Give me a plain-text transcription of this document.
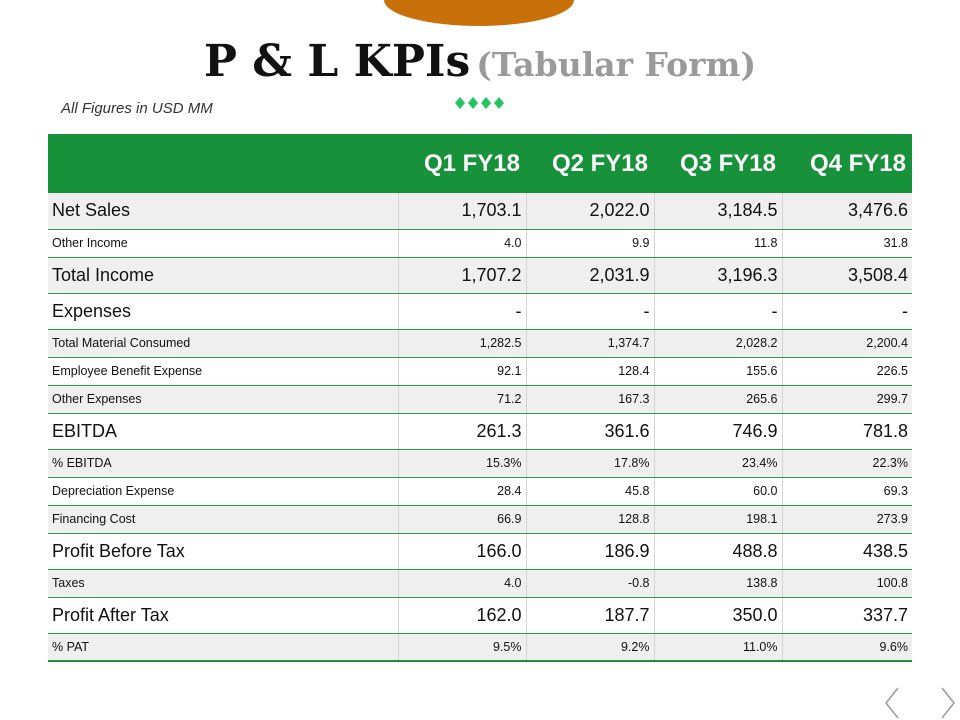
P & L KPIs (Tabular Form)
All Figures in USD MM
	Q1 FY18	Q2 FY18	Q3 FY18	Q4 FY18
Net Sales	1,703.1	2,022.0	3,184.5	3,476.6
Other Income	4.0	9.9	11.8	31.8
Total Income	1,707.2	2,031.9	3,196.3	3,508.4
Expenses	-	-	-	-
Total Material Consumed	1,282.5	1,374.7	2,028.2	2,200.4
Employee Benefit Expense	92.1	128.4	155.6	226.5
Other Expenses	71.2	167.3	265.6	299.7
EBITDA	261.3	361.6	746.9	781.8
% EBITDA	15.3%	17.8%	23.4%	22.3%
Depreciation Expense	28.4	45.8	60.0	69.3
Financing Cost	66.9	128.8	198.1	273.9
Profit Before Tax	166.0	186.9	488.8	438.5
Taxes	4.0	-0.8	138.8	100.8
Profit After Tax	162.0	187.7	350.0	337.7
% PAT	9.5%	9.2%	11.0%	9.6%
